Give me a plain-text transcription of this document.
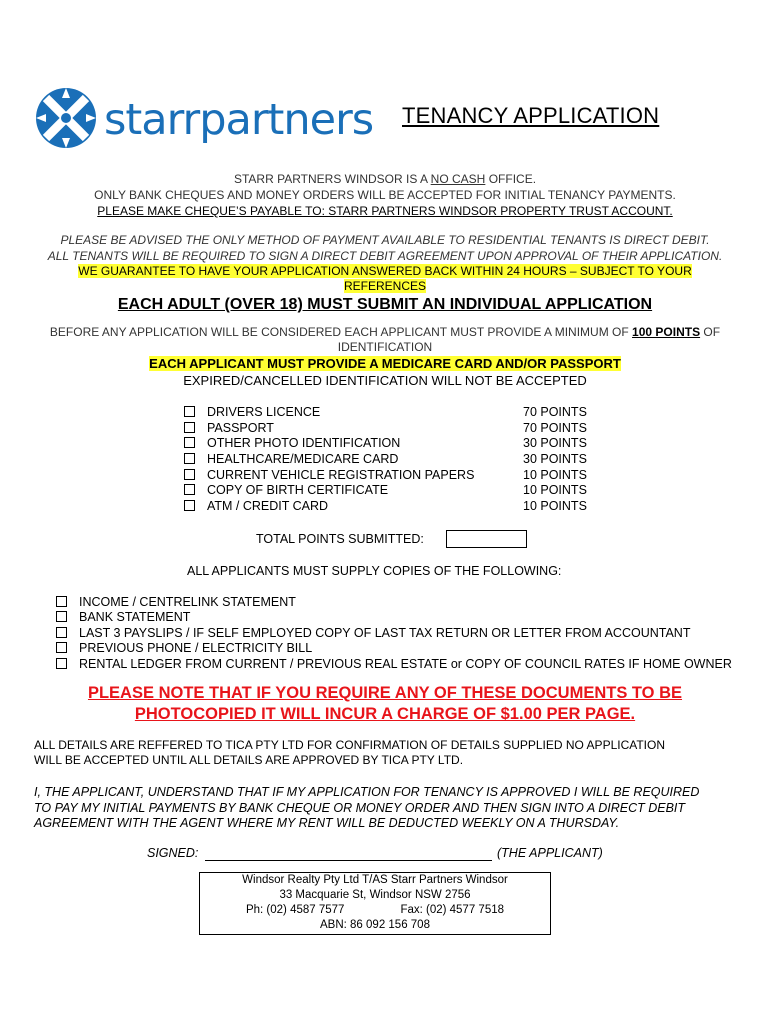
starrpartners TENANCY APPLICATION
STARR PARTNERS WINDSOR IS A NO CASH OFFICE.
ONLY BANK CHEQUES AND MONEY ORDERS WILL BE ACCEPTED FOR INITIAL TENANCY PAYMENTS.
PLEASE MAKE CHEQUE’S PAYABLE TO: STARR PARTNERS WINDSOR PROPERTY TRUST ACCOUNT.
PLEASE BE ADVISED THE ONLY METHOD OF PAYMENT AVAILABLE TO RESIDENTIAL TENANTS IS DIRECT DEBIT.
ALL TENANTS WILL BE REQUIRED TO SIGN A DIRECT DEBIT AGREEMENT UPON APPROVAL OF THEIR APPLICATION.
WE GUARANTEE TO HAVE YOUR APPLICATION ANSWERED BACK WITHIN 24 HOURS – SUBJECT TO YOUR
REFERENCES
EACH ADULT (OVER 18) MUST SUBMIT AN INDIVIDUAL APPLICATION
BEFORE ANY APPLICATION WILL BE CONSIDERED EACH APPLICANT MUST PROVIDE A MINIMUM OF 100 POINTS OF
IDENTIFICATION
EACH APPLICANT MUST PROVIDE A MEDICARE CARD AND/OR PASSPORT
EXPIRED/CANCELLED IDENTIFICATION WILL NOT BE ACCEPTED
DRIVERS LICENCE	70 POINTS
PASSPORT	70 POINTS
OTHER PHOTO IDENTIFICATION	30 POINTS
HEALTHCARE/MEDICARE CARD	30 POINTS
CURRENT VEHICLE REGISTRATION PAPERS	10 POINTS
COPY OF BIRTH CERTIFICATE	10 POINTS
ATM / CREDIT CARD	10 POINTS
TOTAL POINTS SUBMITTED:
ALL APPLICANTS MUST SUPPLY COPIES OF THE FOLLOWING:
INCOME / CENTRELINK STATEMENT
BANK STATEMENT
LAST 3 PAYSLIPS / IF SELF EMPLOYED COPY OF LAST TAX RETURN OR LETTER FROM ACCOUNTANT
PREVIOUS PHONE / ELECTRICITY BILL
RENTAL LEDGER FROM CURRENT / PREVIOUS REAL ESTATE or COPY OF COUNCIL RATES IF HOME OWNER
PLEASE NOTE THAT IF YOU REQUIRE ANY OF THESE DOCUMENTS TO BE
PHOTOCOPIED IT WILL INCUR A CHARGE OF $1.00 PER PAGE.
ALL DETAILS ARE REFFERED TO TICA PTY LTD FOR CONFIRMATION OF DETAILS SUPPLIED NO APPLICATION
WILL BE ACCEPTED UNTIL ALL DETAILS ARE APPROVED BY TICA PTY LTD.
I, THE APPLICANT, UNDERSTAND THAT IF MY APPLICATION FOR TENANCY IS APPROVED I WILL BE REQUIRED
TO PAY MY INITIAL PAYMENTS BY BANK CHEQUE OR MONEY ORDER AND THEN SIGN INTO A DIRECT DEBIT
AGREEMENT WITH THE AGENT WHERE MY RENT WILL BE DEDUCTED WEEKLY ON A THURSDAY.
SIGNED:	(THE APPLICANT)
Windsor Realty Pty Ltd T/AS Starr Partners Windsor
33 Macquarie St, Windsor NSW 2756
Ph: (02) 4587 7577	Fax: (02) 4577 7518
ABN: 86 092 156 708
